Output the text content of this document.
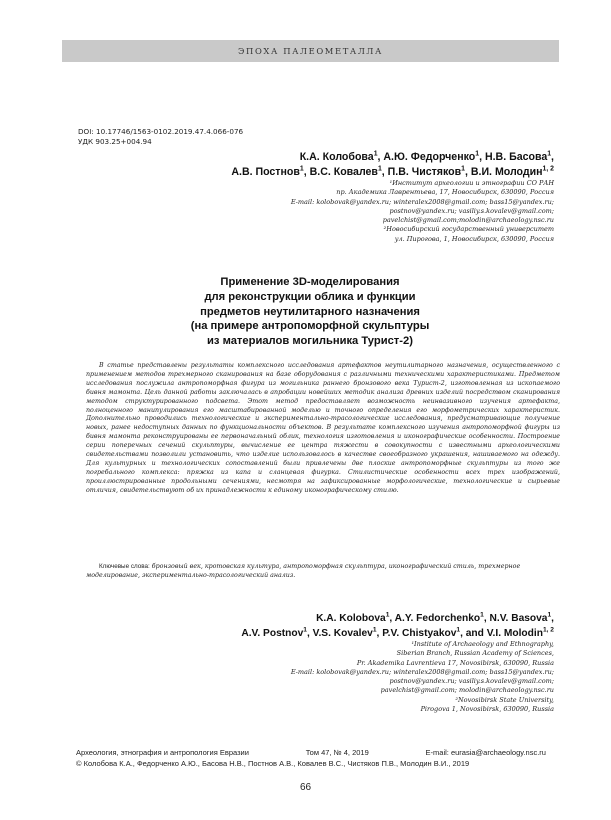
ЭПОХА ПАЛЕОМЕТАЛЛА
DOI: 10.17746/1563-0102.2019.47.4.066-076
УДК 903.25+004.94
К.А. Колобова$^1$, А.Ю. Федорченко$^1$, Н.В. Басова$^1$,
А.В. Постнов$^1$, В.С. Ковалев$^1$, П.В. Чистяков$^1$, В.И. Молодин$^{1, 2}$
¹Институт археологии и этнографии СО РАН
пр. Академика Лаврентьева, 17, Новосибирск, 630090, Россия
E-mail: kolobovak@yandex.ru; winteralex2008@gmail.com; bass15@yandex.ru;
postnov@yandex.ru; vasiliy.s.kovalev@gmail.com;
pavelchist@gmail.com;molodin@archaeology.nsc.ru
²Новосибирский государственный университет
ул. Пирогова, 1, Новосибирск, 630090, Россия
Применение 3D-моделирования
для реконструкции облика и функции
предметов неутилитарного назначения
(на примере антропоморфной скульптуры
из материалов могильника Турист-2)
В статье представлены результаты комплексного исследования артефактов неутилитарного назначения, осуществленного с применением методов трехмерного сканирования на базе оборудования с различными техническими характеристиками. Предметом исследования послужила антропоморфная фигура из могильника раннего бронзового века Турист-2, изготовленная из ископаемого бивня мамонта. Цель данной работы заключалась в апробации новейших методик анализа древних изделий посредством сканирования методом структурированного подсвета. Этот метод предоставляет возможность неинвазивного изучения артефакта, полноценного манипулирования его масштабированной моделью и точного определения его морфометрических характеристик. Дополнительно проводились технологические и экспериментально-трасологические исследования, предусматривающие получение новых, ранее недоступных данных по функциональности объектов. В результате комплексного изучения антропоморфной фигуры из бивня мамонта реконструированы ее первоначальный облик, технология изготовления и иконографические особенности. Построение серии поперечных сечений скульптуры, вычисление ее центра тяжести в совокупности с известными археологическими свидетельствами позволили установить, что изделие использовалось в качестве своеобразного украшения, нашиваемого на одежду. Для культурных и технологических сопоставлений были привлечены две плоские антропоморфные скульптуры из того же погребального комплекса: пряжка из капа и сланцевая фигурка. Стилистические особенности всех трех изображений, проиллюстрированные продольными сечениями, несмотря на зафиксированные морфологические, технологические и сырьевые отличия, свидетельствуют об их принадлежности к единому иконографическому стилю.
Ключевые слова: бронзовый век, кротовская культура, антропоморфная скульптура, иконографический стиль, трехмерное моделирование, экспериментально-трасологический анализ.
K.A. Kolobova$^1$, A.Y. Fedorchenko$^1$, N.V. Basova$^1$,
A.V. Postnov$^1$, V.S. Kovalev$^1$, P.V. Chistyakov$^1$, and V.I. Molodin$^{1, 2}$
¹Institute of Archaeology and Ethnography,
Siberian Branch, Russian Academy of Sciences,
Pr. Akademika Lavrentieva 17, Novosibirsk, 630090, Russia
E-mail: kolobovak@yandex.ru; winteralex2008@gmail.com; bass15@yandex.ru;
postnov@yandex.ru; vasiliy.s.kovalev@gmail.com;
pavelchist@gmail.com; molodin@archaeology.nsc.ru
²Novosibirsk State University,
Pirogova 1, Novosibirsk, 630090, Russia
Археология, этнография и антропология Евразии	Том 47, № 4, 2019	E-mail: eurasia@archaeology.nsc.ru
© Колобова К.А., Федорченко А.Ю., Басова Н.В., Постнов А.В., Ковалев В.С., Чистяков П.В., Молодин В.И., 2019
66
